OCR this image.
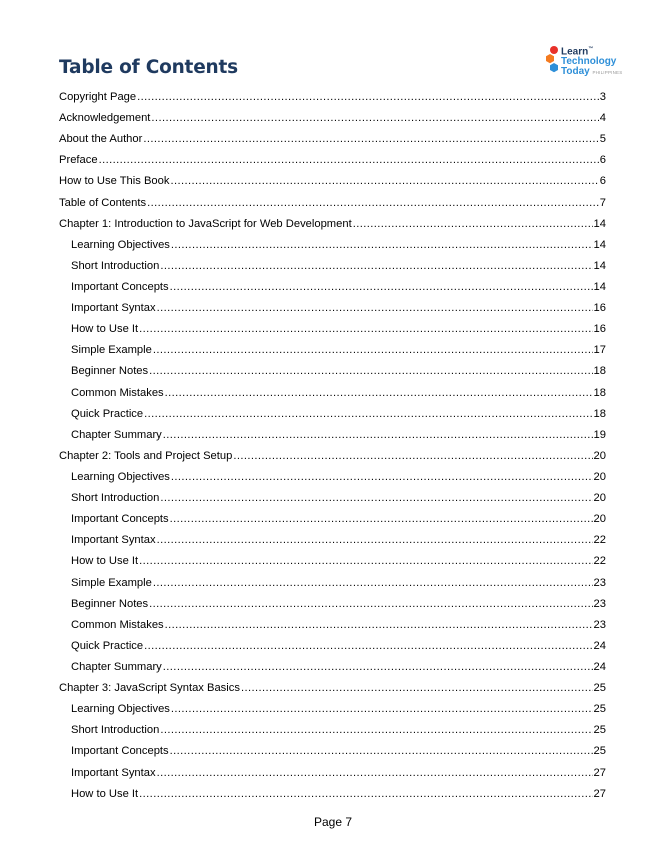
Table of Contents
Learn™
Technology
Today PHILIPPINES
Copyright Page .....	3
Acknowledgement .....	4
About the Author .....	5
Preface .....	6
How to Use This Book .....	6
Table of Contents .....	7
Chapter 1: Introduction to JavaScript for Web Development .....	14
Learning Objectives .....	14
Short Introduction .....	14
Important Concepts .....	14
Important Syntax .....	16
How to Use It .....	16
Simple Example .....	17
Beginner Notes .....	18
Common Mistakes .....	18
Quick Practice .....	18
Chapter Summary .....	19
Chapter 2: Tools and Project Setup .....	20
Learning Objectives .....	20
Short Introduction .....	20
Important Concepts .....	20
Important Syntax .....	22
How to Use It .....	22
Simple Example .....	23
Beginner Notes .....	23
Common Mistakes .....	23
Quick Practice .....	24
Chapter Summary .....	24
Chapter 3: JavaScript Syntax Basics .....	25
Learning Objectives .....	25
Short Introduction .....	25
Important Concepts .....	25
Important Syntax .....	27
How to Use It .....	27
Page 7
